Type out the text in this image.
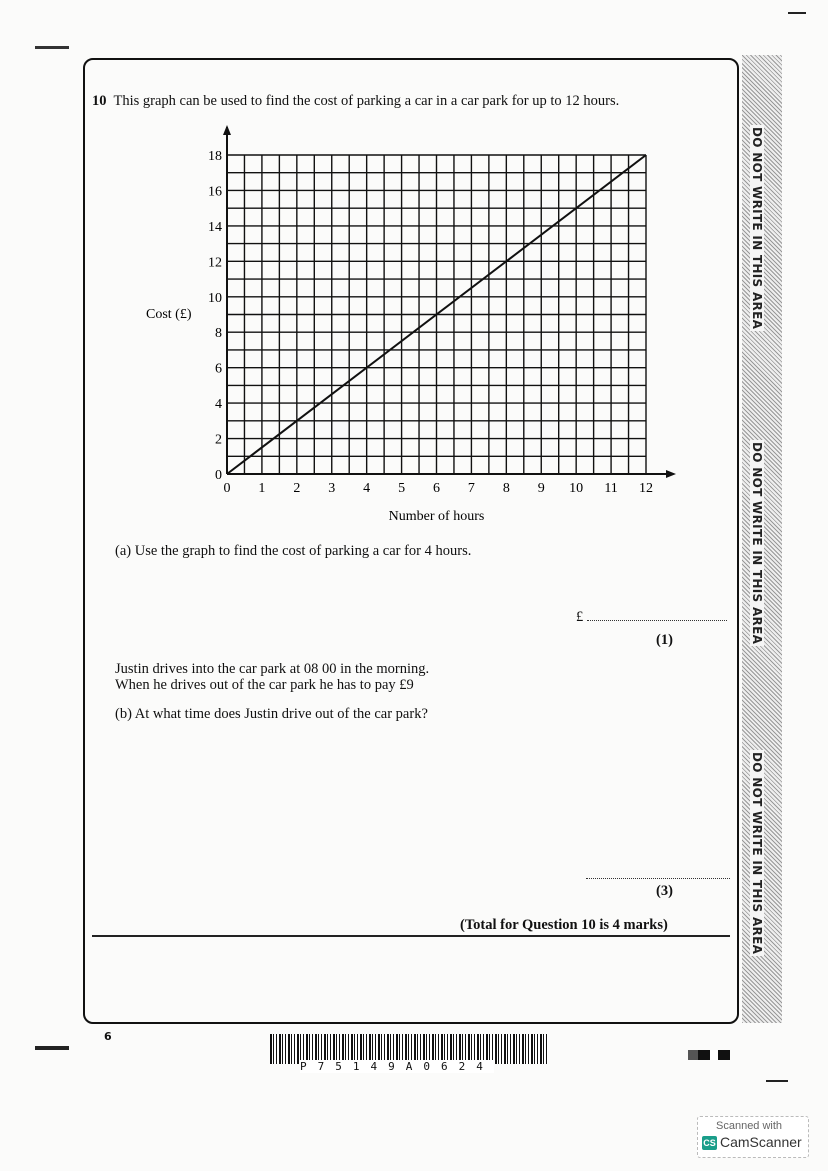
DO NOT WRITE IN THIS AREA
DO NOT WRITE IN THIS AREA
DO NOT WRITE IN THIS AREA
10 This graph can be used to find the cost of parking a car in a car park for up to 12 hours.
0 1 2 3 4 5 6 7 8 9 10 11 12
0
2
4
6
8
10
12
14
16
18
Number of hours
Cost (£)
(a) Use the graph to find the cost of parking a car for 4 hours.
£
(1)
Justin drives into the car park at 08 00 in the morning.
When he drives out of the car park he has to pay £9
(b) At what time does Justin drive out of the car park?
(3)
(Total for Question 10 is 4 marks)
6
P75149A0624
Scanned with
CS CamScanner
